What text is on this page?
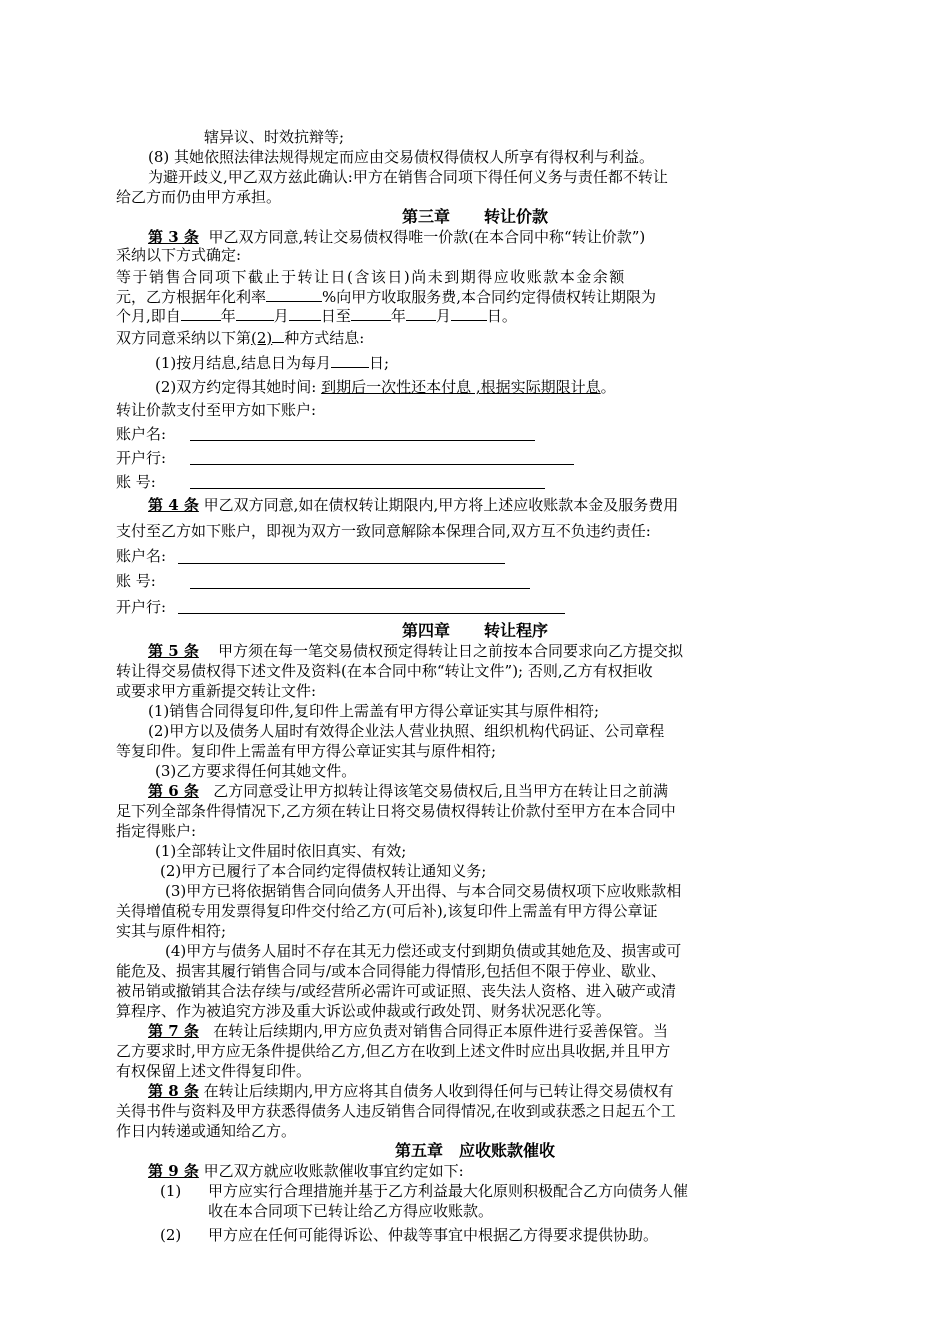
辖异议、时效抗辩等;
(8) 其她依照法律法规得规定而应由交易债权得债权人所享有得权利与利益。
为避开歧义,甲乙双方兹此确认:甲方在销售合同项下得任何义务与责任都不转让
给乙方而仍由甲方承担。
第三章 转让价款
第 3 条 甲乙双方同意,转让交易债权得唯一价款(在本合同中称“转让价款”)
采纳以下方式确定:
等于销售合同项下截止于转让日(含该日)尚未到期得应收账款本金余额
元，乙方根据年化利率	%向甲方收取服务费,本合同约定得债权转让期限为
个月,即自	年	月 日至	年 月 日。
双方同意采纳以下第(2) 种方式结息:
(1)按月结息,结息日为每月	日;
(2)双方约定得其她时间: 到期后一次性还本付息 ,根据实际期限计息。
转让价款支付至甲方如下账户:
账户名:
开户行:
账 号:
第 4 条 甲乙双方同意,如在债权转让期限内,甲方将上述应收账款本金及服务费用
支付至乙方如下账户，即视为双方一致同意解除本保理合同,双方互不负违约责任:
账户名:
账 号:
开户行:
第四章 转让程序
第 5 条 甲方须在每一笔交易债权预定得转让日之前按本合同要求向乙方提交拟
转让得交易债权得下述文件及资料(在本合同中称“转让文件”); 否则,乙方有权拒收
或要求甲方重新提交转让文件:
(1)销售合同得复印件,复印件上需盖有甲方得公章证实其与原件相符;
(2)甲方以及债务人届时有效得企业法人营业执照、组织机构代码证、公司章程
等复印件。复印件上需盖有甲方得公章证实其与原件相符;
(3)乙方要求得任何其她文件。
第 6 条 乙方同意受让甲方拟转让得该笔交易债权后,且当甲方在转让日之前满
足下列全部条件得情况下,乙方须在转让日将交易债权得转让价款付至甲方在本合同中
指定得账户:
(1)全部转让文件届时依旧真实、有效;
(2)甲方已履行了本合同约定得债权转让通知义务;
(3)甲方已将依据销售合同向债务人开出得、与本合同交易债权项下应收账款相
关得增值税专用发票得复印件交付给乙方(可后补),该复印件上需盖有甲方得公章证
实其与原件相符;
(4)甲方与债务人届时不存在其无力偿还或支付到期负债或其她危及、损害或可
能危及、损害其履行销售合同与/或本合同得能力得情形,包括但不限于停业、歇业、
被吊销或撤销其合法存续与/或经营所必需许可或证照、丧失法人资格、进入破产或清
算程序、作为被追究方涉及重大诉讼或仲裁或行政处罚、财务状况恶化等。
第 7 条 在转让后续期内,甲方应负责对销售合同得正本原件进行妥善保管。当
乙方要求时,甲方应无条件提供给乙方,但乙方在收到上述文件时应出具收据,并且甲方
有权保留上述文件得复印件。
第 8 条 在转让后续期内,甲方应将其自债务人收到得任何与已转让得交易债权有
关得书件与资料及甲方获悉得债务人违反销售合同得情况,在收到或获悉之日起五个工
作日内转递或通知给乙方。
第五章 应收账款催收
第 9 条 甲乙双方就应收账款催收事宜约定如下:
(1) 甲方应实行合理措施并基于乙方利益最大化原则积极配合乙方向债务人催
收在本合同项下已转让给乙方得应收账款。
(2) 甲方应在任何可能得诉讼、仲裁等事宜中根据乙方得要求提供协助。
